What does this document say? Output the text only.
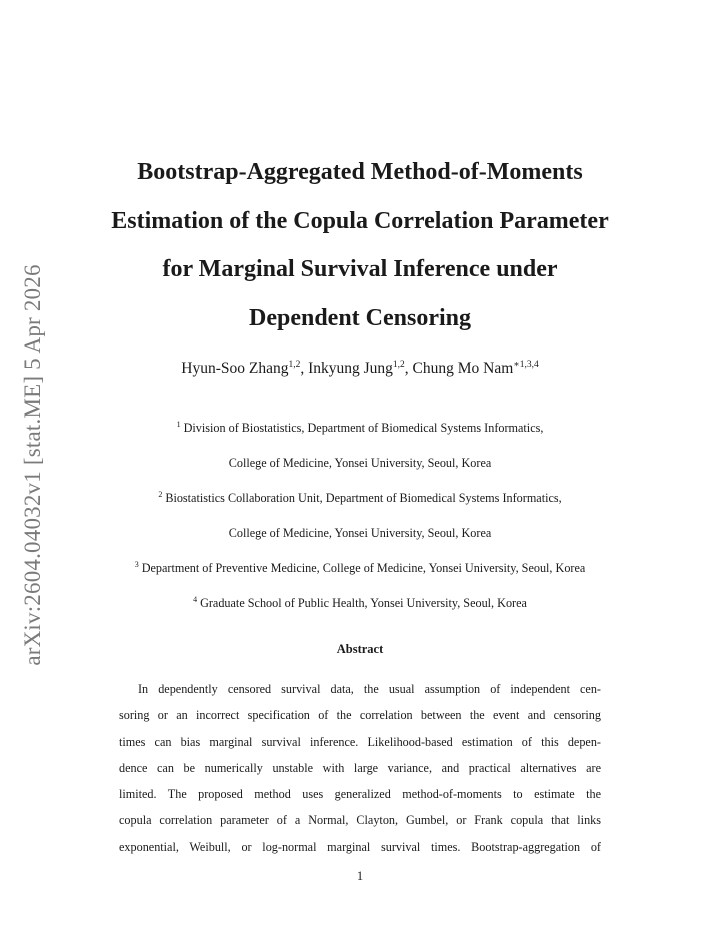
arXiv:2604.04032v1 [stat.ME] 5 Apr 2026
Bootstrap-Aggregated Method-of-Moments
Estimation of the Copula Correlation Parameter
for Marginal Survival Inference under
Dependent Censoring
Hyun-Soo Zhang$^{1,2}$, Inkyung Jung$^{1,2}$, Chung Mo Nam$^{∗1,3,4}$
$^1$ Division of Biostatistics, Department of Biomedical Systems Informatics,
College of Medicine, Yonsei University, Seoul, Korea
$^2$ Biostatistics Collaboration Unit, Department of Biomedical Systems Informatics,
College of Medicine, Yonsei University, Seoul, Korea
$^3$ Department of Preventive Medicine, College of Medicine, Yonsei University, Seoul, Korea
$^4$ Graduate School of Public Health, Yonsei University, Seoul, Korea
Abstract
In dependently censored survival data, the usual assumption of independent cen-
soring or an incorrect specification of the correlation between the event and censoring
times can bias marginal survival inference. Likelihood-based estimation of this depen-
dence can be numerically unstable with large variance, and practical alternatives are
limited. The proposed method uses generalized method-of-moments to estimate the
copula correlation parameter of a Normal, Clayton, Gumbel, or Frank copula that links
exponential, Weibull, or log-normal marginal survival times. Bootstrap-aggregation of
1
